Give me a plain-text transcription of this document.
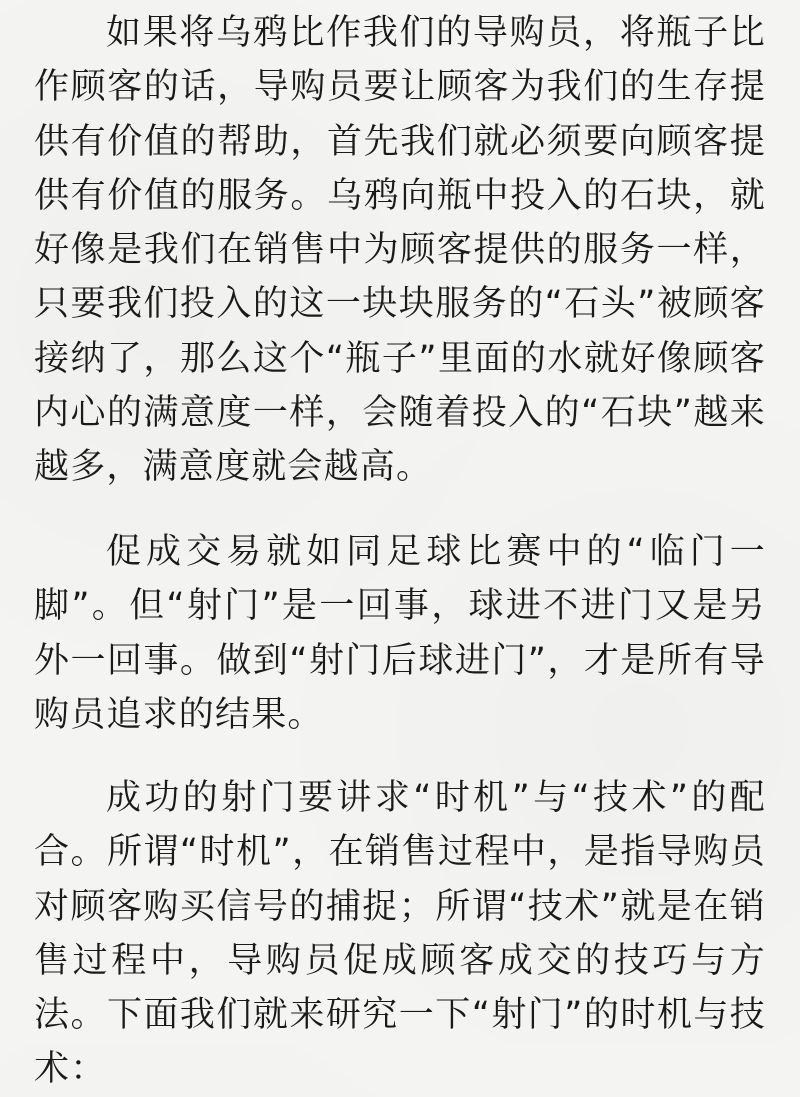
如果将乌鸦比作我们的导购员，将瓶子比作顾客的话，导购员要让顾客为我们的生存提供有价值的帮助，首先我们就必须要向顾客提供有价值的服务。乌鸦向瓶中投入的石块，就好像是我们在销售中为顾客提供的服务一样，只要我们投入的这一块块服务的“石头”被顾客接纳了，那么这个“瓶子”里面的水就好像顾客内心的满意度一样，会随着投入的“石块”越来越多，满意度就会越高。

促成交易就如同足球比赛中的“临门一脚”。但“射门”是一回事，球进不进门又是另外一回事。做到“射门后球进门”，才是所有导购员追求的结果。

成功的射门要讲求“时机”与“技术”的配合。所谓“时机”，在销售过程中，是指导购员对顾客购买信号的捕捉；所谓“技术”就是在销售过程中，导购员促成顾客成交的技巧与方法。下面我们就来研究一下“射门”的时机与技术：
